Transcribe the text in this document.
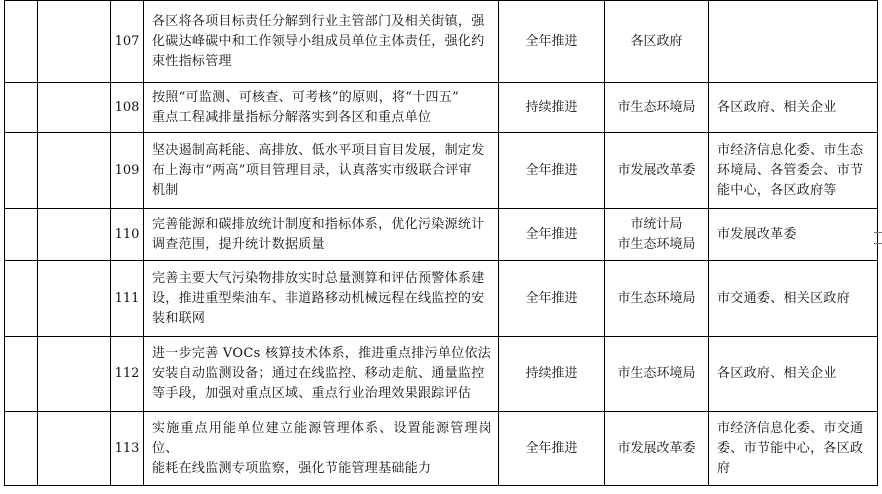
		107	各区将各项目标责任分解到行业主管部门及相关街镇，强
化碳达峰碳中和工作领导小组成员单位主体责任，强化约
束性指标管理	全年推进	各区政府	

		108	按照“可监测、可核查、可考核”的原则，将“十四五”
重点工程减排量指标分解落实到各区和重点单位	持续推进	市生态环境局	各区政府、相关企业

		109	坚决遏制高耗能、高排放、低水平项目盲目发展，制定发
布上海市“两高”项目管理目录，认真落实市级联合评审
机制	全年推进	市发展改革委	市经济信息化委、市生态
环境局、各管委会、市节
能中心，各区政府等

		110	完善能源和碳排放统计制度和指标体系，优化污染源统计
调查范围，提升统计数据质量	全年推进	市统计局
市生态环境局	市发展改革委

		111	完善主要大气污染物排放实时总量测算和评估预警体系建
设，推进重型柴油车、非道路移动机械远程在线监控的安
装和联网	全年推进	市生态环境局	市交通委、相关区政府

		112	进一步完善 VOCs 核算技术体系，推进重点排污单位依法
安装自动监测设备；通过在线监控、移动走航、通量监控
等手段，加强对重点区域、重点行业治理效果跟踪评估	持续推进	市生态环境局	各区政府、相关企业

		113	实施重点用能单位建立能源管理体系、设置能源管理岗位、
能耗在线监测专项监察，强化节能管理基础能力	全年推进	市发展改革委	市经济信息化委、市交通
委、市节能中心，各区政
府
